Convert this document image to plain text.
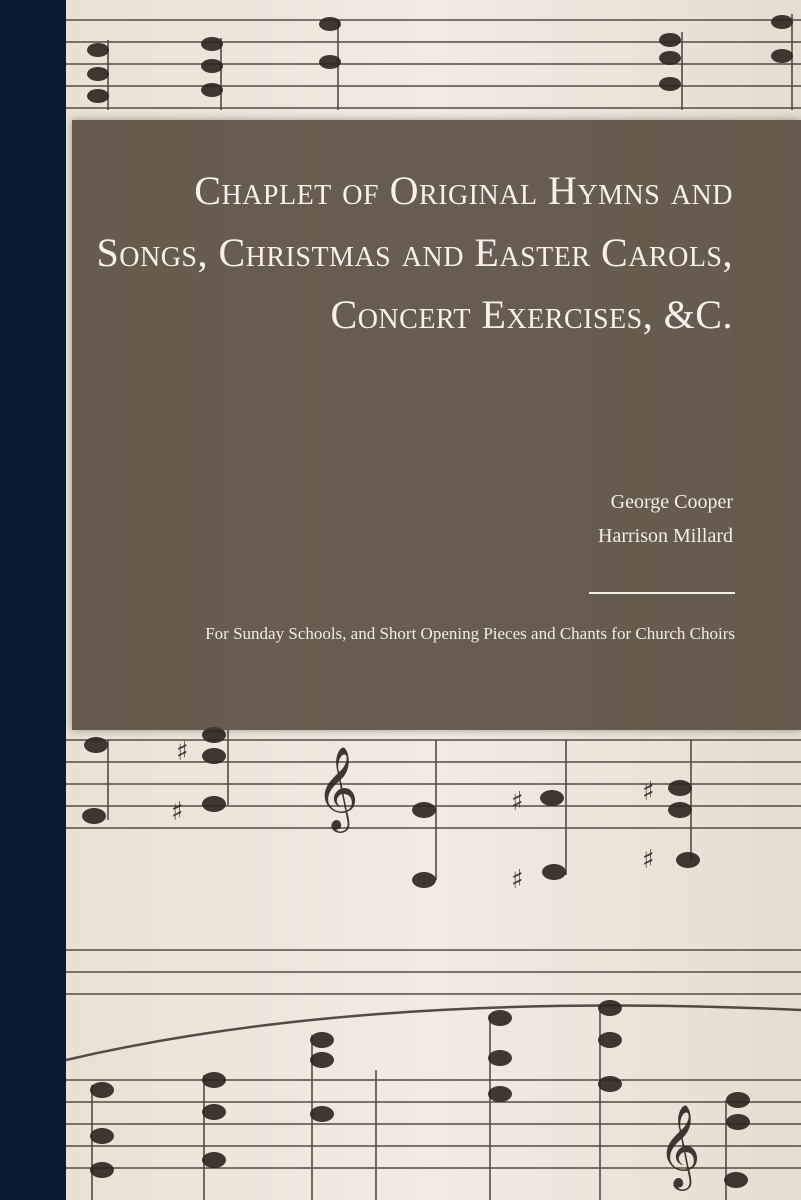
𝄞
𝄞
♯
♯	♯
♯
♯
♯
Chaplet of Original Hymns and Songs, Christmas and Easter Carols, Concert Exercises, &C.
George Cooper
Harrison Millard
For Sunday Schools, and Short Opening Pieces and Chants for Church Choirs
